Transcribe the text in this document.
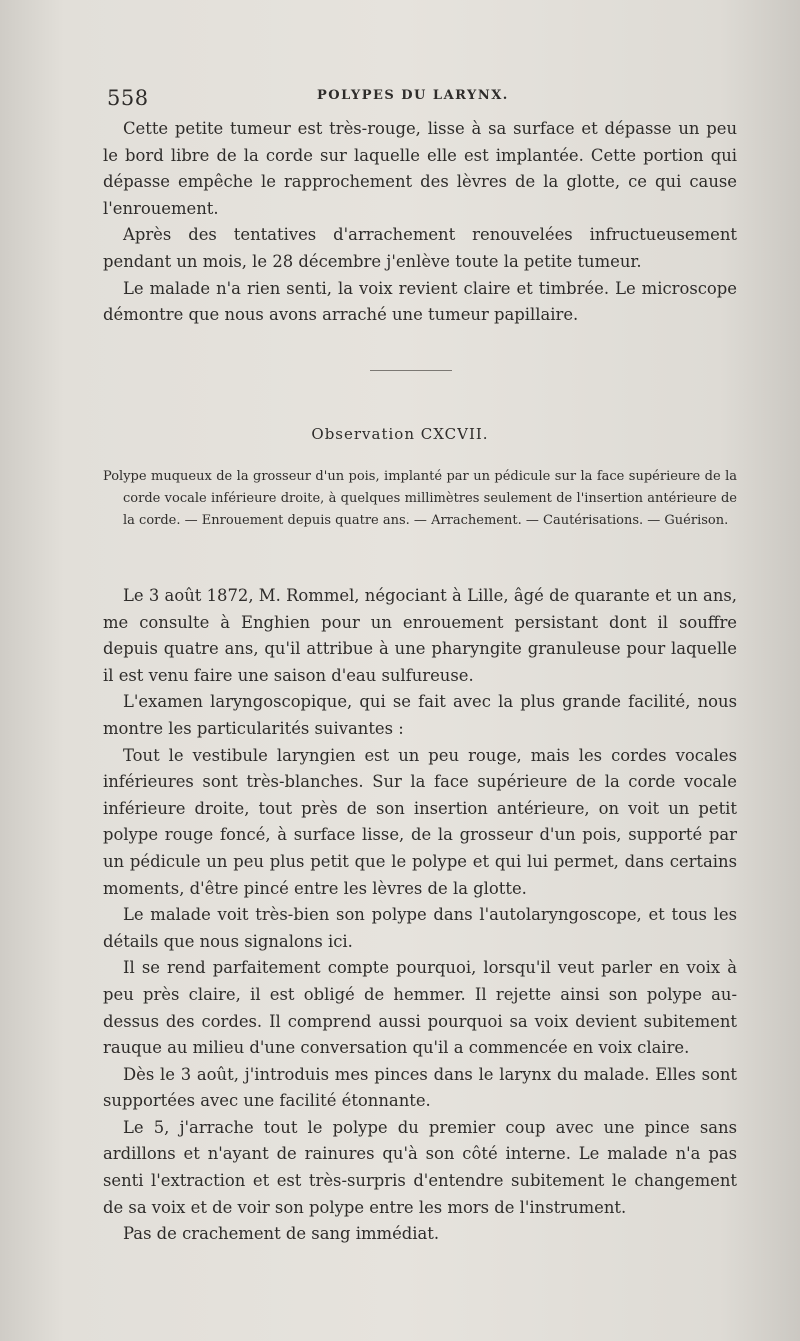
558	POLYPES DU LARYNX.

Cette petite tumeur est très-rouge, lisse à sa surface et dépasse un peu le bord libre de la corde sur laquelle elle est implantée. Cette portion qui dépasse empêche le rapprochement des lèvres de la glotte, ce qui cause l'enrouement.

Après des tentatives d'arrachement renouvelées infructueusement pendant un mois, le 28 décembre j'enlève toute la petite tumeur.

Le malade n'a rien senti, la voix revient claire et timbrée. Le microscope démontre que nous avons arraché une tumeur papillaire.

Observation CXCVII.

Polype muqueux de la grosseur d'un pois, implanté par un pédicule sur la face supérieure de la corde vocale inférieure droite, à quelques millimètres seulement de l'insertion antérieure de la corde. — Enrouement depuis quatre ans. — Arrachement. — Cautérisations. — Guérison.

Le 3 août 1872, M. Rommel, négociant à Lille, âgé de quarante et un ans, me consulte à Enghien pour un enrouement persistant dont il souffre depuis quatre ans, qu'il attribue à une pharyngite granuleuse pour laquelle il est venu faire une saison d'eau sulfureuse.

L'examen laryngoscopique, qui se fait avec la plus grande facilité, nous montre les particularités suivantes :

Tout le vestibule laryngien est un peu rouge, mais les cordes vocales inférieures sont très-blanches. Sur la face supérieure de la corde vocale inférieure droite, tout près de son insertion antérieure, on voit un petit polype rouge foncé, à surface lisse, de la grosseur d'un pois, supporté par un pédicule un peu plus petit que le polype et qui lui permet, dans certains moments, d'être pincé entre les lèvres de la glotte.

Le malade voit très-bien son polype dans l'autolaryngoscope, et tous les détails que nous signalons ici.

Il se rend parfaitement compte pourquoi, lorsqu'il veut parler en voix à peu près claire, il est obligé de hemmer. Il rejette ainsi son polype au-dessus des cordes. Il comprend aussi pourquoi sa voix devient subitement rauque au milieu d'une conversation qu'il a commencée en voix claire.

Dès le 3 août, j'introduis mes pinces dans le larynx du malade. Elles sont supportées avec une facilité étonnante.

Le 5, j'arrache tout le polype du premier coup avec une pince sans ardillons et n'ayant de rainures qu'à son côté interne. Le malade n'a pas senti l'extraction et est très-surpris d'entendre subitement le changement de sa voix et de voir son polype entre les mors de l'instrument.

Pas de crachement de sang immédiat.
